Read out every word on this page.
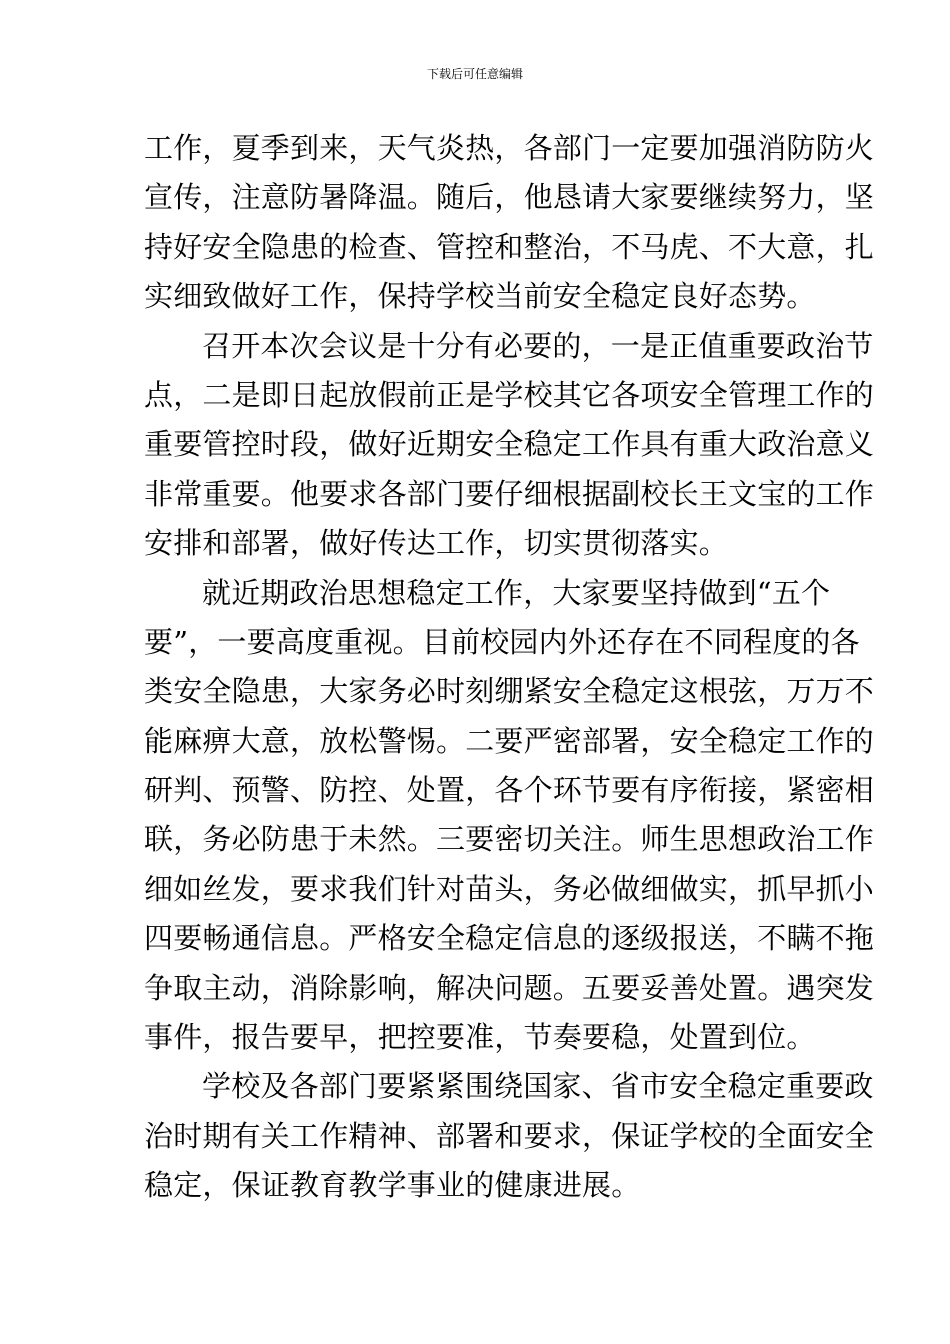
下载后可任意编辑
工作，夏季到来，天气炎热，各部门一定要加强消防防火
宣传，注意防暑降温。随后，他恳请大家要继续努力，坚
持好安全隐患的检查、管控和整治，不马虎、不大意，扎
实细致做好工作，保持学校当前安全稳定良好态势。
召开本次会议是十分有必要的，一是正值重要政治节
点，二是即日起放假前正是学校其它各项安全管理工作的
重要管控时段，做好近期安全稳定工作具有重大政治意义
非常重要。他要求各部门要仔细根据副校长王文宝的工作
安排和部署，做好传达工作，切实贯彻落实。
就近期政治思想稳定工作，大家要坚持做到“五个
要”，一要高度重视。目前校园内外还存在不同程度的各
类安全隐患，大家务必时刻绷紧安全稳定这根弦，万万不
能麻痹大意，放松警惕。二要严密部署，安全稳定工作的
研判、预警、防控、处置，各个环节要有序衔接，紧密相
联，务必防患于未然。三要密切关注。师生思想政治工作
细如丝发，要求我们针对苗头，务必做细做实，抓早抓小
四要畅通信息。严格安全稳定信息的逐级报送，不瞒不拖
争取主动，消除影响，解决问题。五要妥善处置。遇突发
事件，报告要早，把控要准，节奏要稳，处置到位。
学校及各部门要紧紧围绕国家、省市安全稳定重要政
治时期有关工作精神、部署和要求，保证学校的全面安全
稳定，保证教育教学事业的健康进展。
